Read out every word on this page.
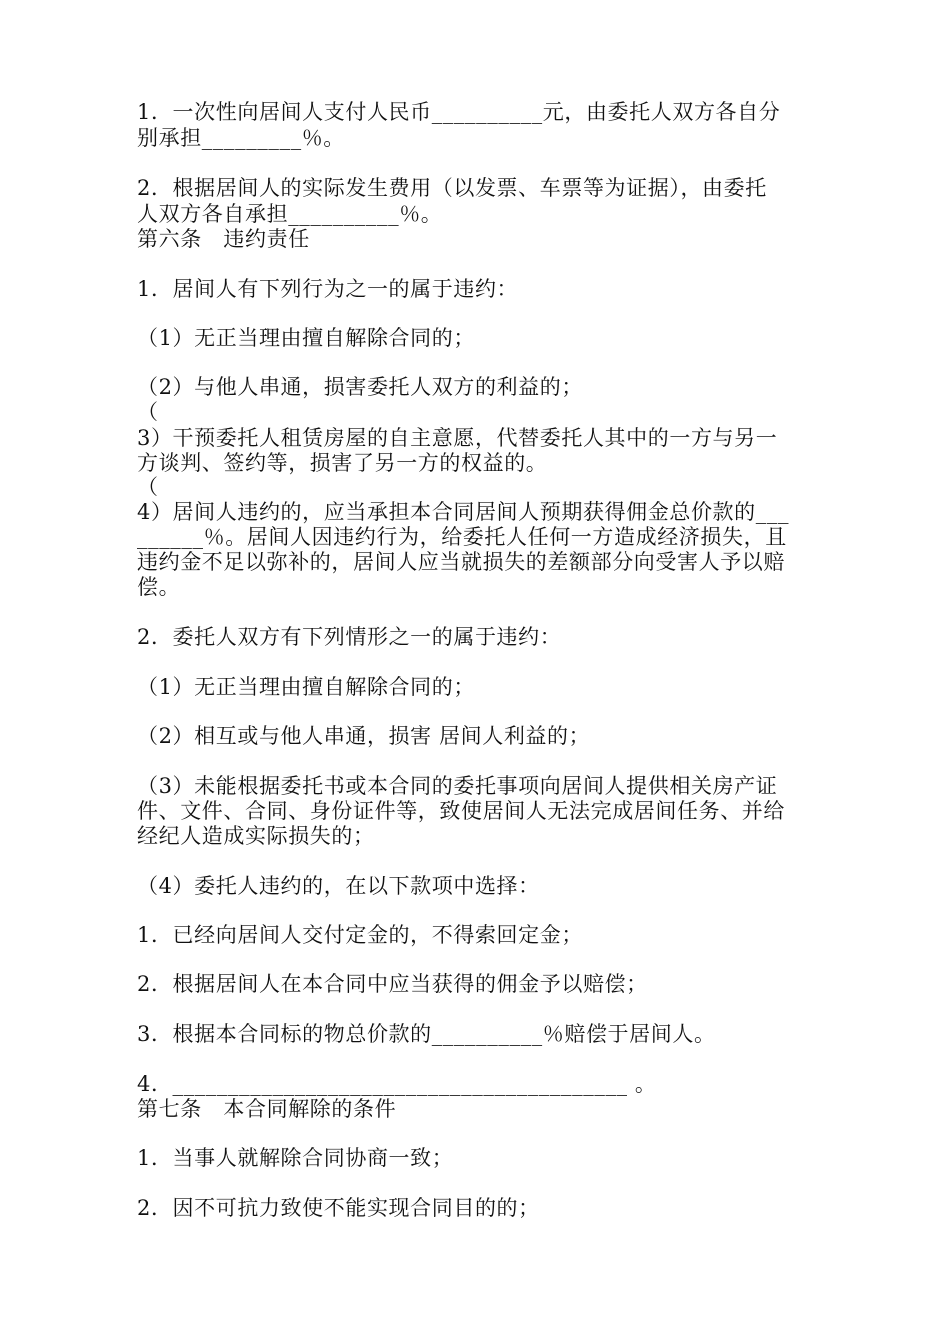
1．一次性向居间人支付人民币__________元，由委托人双方各自分
别承担_________％。
2．根据居间人的实际发生费用（以发票、车票等为证据），由委托
人双方各自承担__________％。
第六条　违约责任
1．居间人有下列行为之一的属于违约：
（1）无正当理由擅自解除合同的；
（2）与他人串通，损害委托人双方的利益的；
（
3）干预委托人租赁房屋的自主意愿，代替委托人其中的一方与另一
方谈判、签约等，损害了另一方的权益的。
（
4）居间人违约的，应当承担本合同居间人预期获得佣金总价款的___
______％。居间人因违约行为，给委托人任何一方造成经济损失，且
违约金不足以弥补的，居间人应当就损失的差额部分向受害人予以赔
偿。
2．委托人双方有下列情形之一的属于违约：
（1）无正当理由擅自解除合同的；
（2）相互或与他人串通，损害 居间人利益的；
（3）未能根据委托书或本合同的委托事项向居间人提供相关房产证
件、文件、合同、身份证件等，致使居间人无法完成居间任务、并给
经纪人造成实际损失的；
（4）委托人违约的，在以下款项中选择：
1．已经向居间人交付定金的，不得索回定金；
2．根据居间人在本合同中应当获得的佣金予以赔偿；
3．根据本合同标的物总价款的__________％赔偿于居间人。
4．_________________________________________ 。
第七条　本合同解除的条件
1．当事人就解除合同协商一致；
2．因不可抗力致使不能实现合同目的的；
